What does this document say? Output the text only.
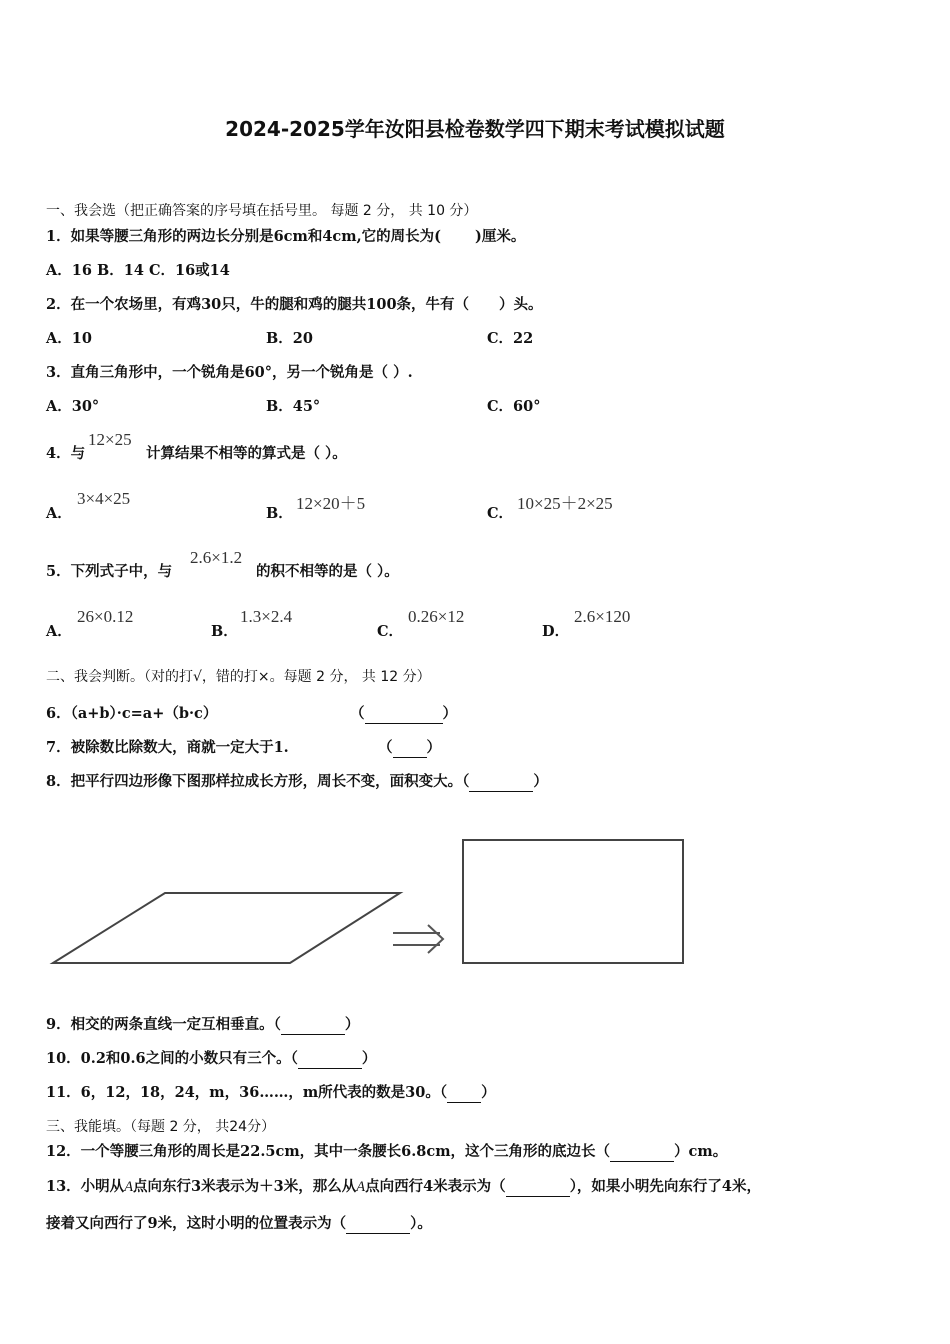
2024-2025学年汝阳县检卷数学四下期末考试模拟试题
一、我会选（把正确答案的序号填在括号里。 每题 2 分， 共 10 分）
1．如果等腰三角形的两边长分别是6cm和4cm,它的周长为( )厘米。
A．16 B．14 C．16或14
2．在一个农场里，有鸡30只，牛的腿和鸡的腿共100条，牛有（ ）头。
A．10	B．20	C．22
3．直角三角形中，一个锐角是60°，另一个锐角是（ ）.
A．30°	B．45°	C．60°
4．与
12×25
计算结果不相等的算式是（ ）。
A．
3×4×25
B．
12×20＋5
C．
10×25＋2×25
5．下列式子中，与
2.6×1.2
的积不相等的是（ ）。
A．
26×0.12
B．
1.3×2.4
C．
0.26×12
D．
2.6×120
二、我会判断。（对的打√，错的打×。每题 2 分， 共 12 分）
6．（a+b）·c=a+（b·c）	（	）
7．被除数比除数大，商就一定大于1.	（ ）
8．把平行四边形像下图那样拉成长方形，周长不变，面积变大。（	）
9．相交的两条直线一定互相垂直。（	）
10．0.2和0.6之间的小数只有三个。（	）
11．6，12，18，24，m，36……，m所代表的数是30。（ ）
三、我能填。（每题 2 分， 共24分）
12．一个等腰三角形的周长是22.5cm，其中一条腰长6.8cm，这个三角形的底边长（	）cm。
13．小明从A点向东行3米表示为＋3米，那么从A点向西行4米表示为（	），如果小明先向东行了4米，
接着又向西行了9米，这时小明的位置表示为（	）。
